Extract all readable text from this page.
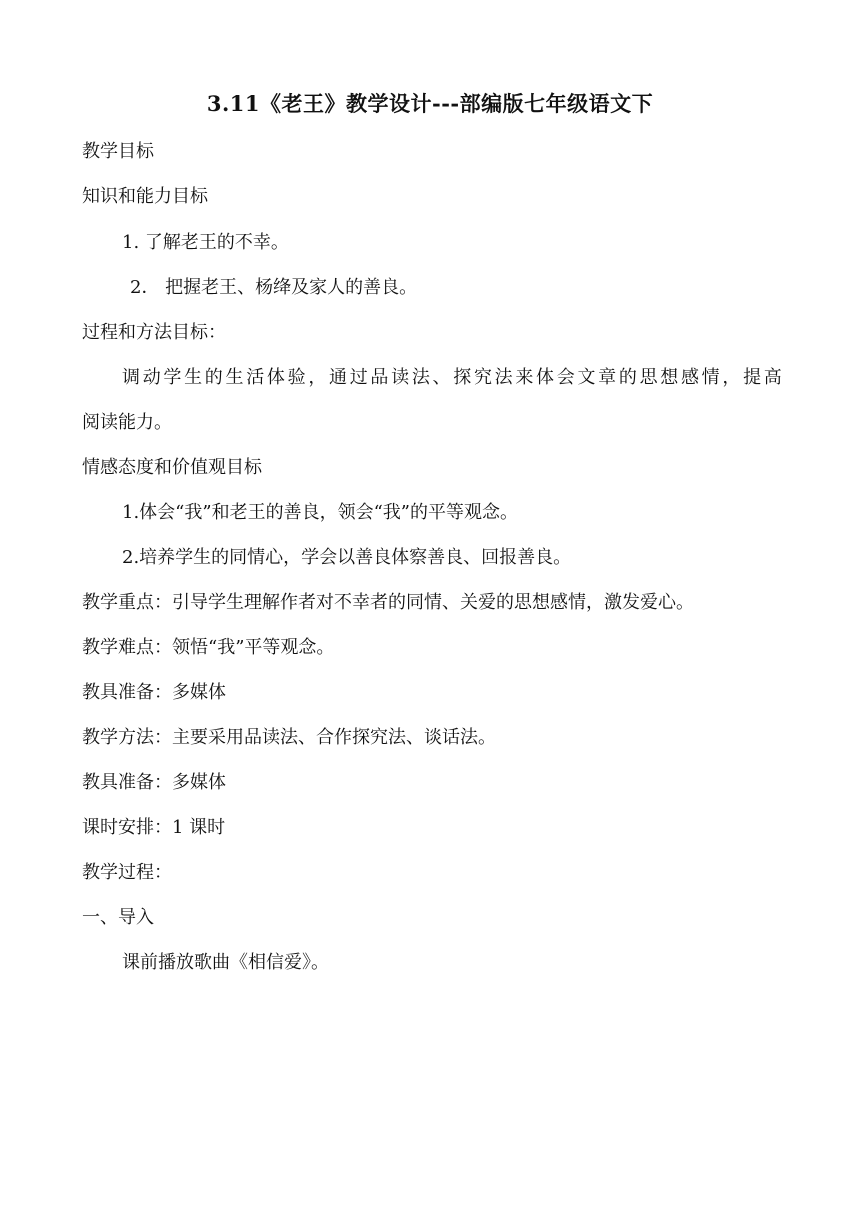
3.11《老王》教学设计---部编版七年级语文下
教学目标
知识和能力目标
1. 了解老王的不幸。
2． 把握老王、杨绛及家人的善良。
过程和方法目标：
调动学生的生活体验，通过品读法、探究法来体会文章的思想感情，提高
阅读能力。
情感态度和价值观目标
1.体会“我”和老王的善良，领会“我”的平等观念。
2.培养学生的同情心，学会以善良体察善良、回报善良。
教学重点：引导学生理解作者对不幸者的同情、关爱的思想感情，激发爱心。
教学难点：领悟“我”平等观念。
教具准备：多媒体
教学方法：主要采用品读法、合作探究法、谈话法。
教具准备：多媒体
课时安排：1 课时
教学过程：
一、导入
课前播放歌曲《相信爱》。
